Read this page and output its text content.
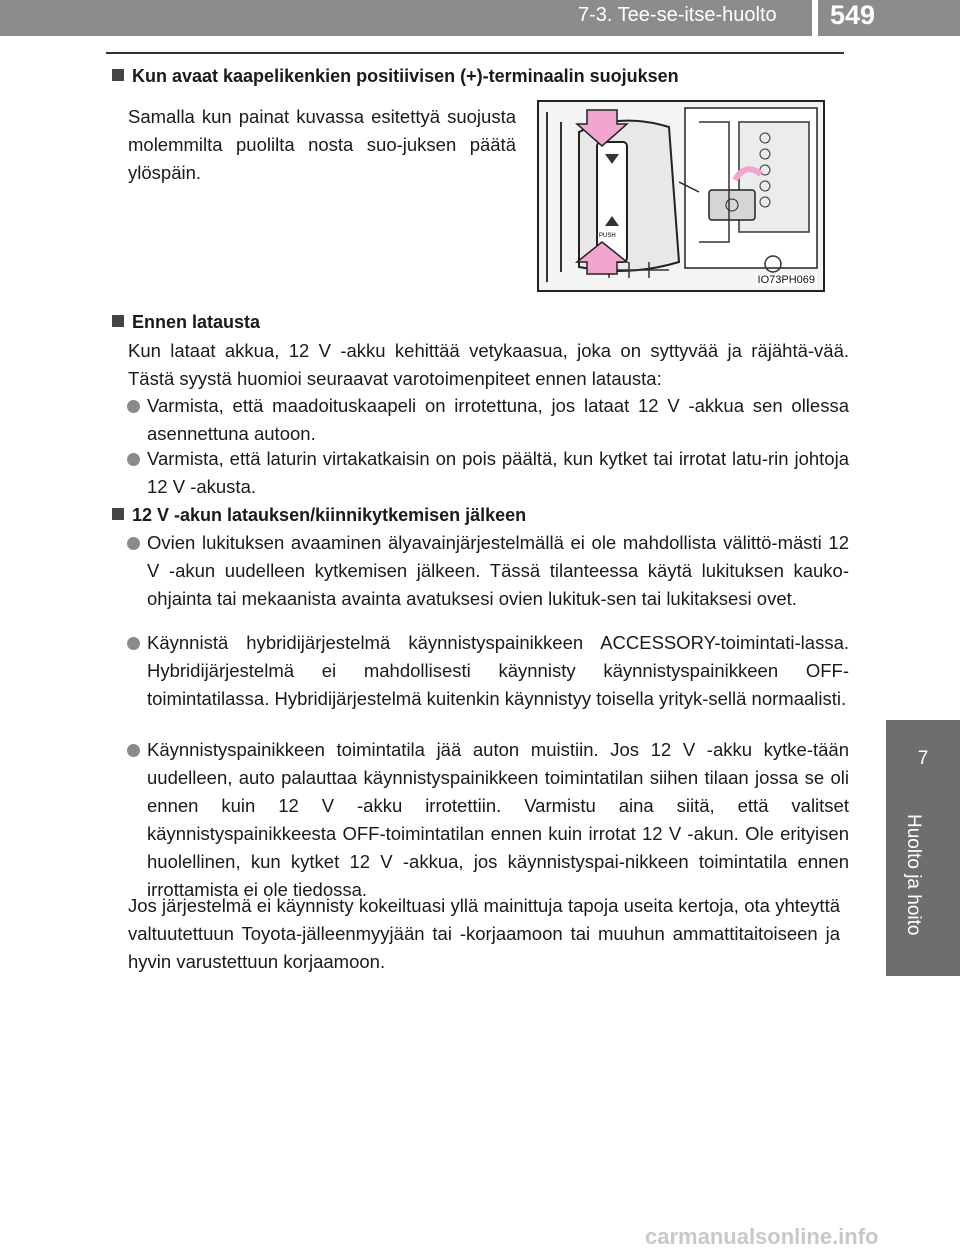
7-3. Tee-se-itse-huolto 549
7
Huolto ja hoito
Kun avaat kaapelikenkien positiivisen (+)-terminaalin suojuksen
Samalla kun painat kuvassa esitettyä suojusta molemmilta puolilta nosta suo-juksen päätä ylöspäin.
PUSH
IO73PH069
Ennen latausta
Kun lataat akkua, 12 V -akku kehittää vetykaasua, joka on syttyvää ja räjähtä-vää. Tästä syystä huomioi seuraavat varotoimenpiteet ennen latausta:
Varmista, että maadoituskaapeli on irrotettuna, jos lataat 12 V -akkua sen ollessa asennettuna autoon.
Varmista, että laturin virtakatkaisin on pois päältä, kun kytket tai irrotat latu-rin johtoja 12 V -akusta.
12 V -akun latauksen/kiinnikytkemisen jälkeen
Ovien lukituksen avaaminen älyavainjärjestelmällä ei ole mahdollista välittö-mästi 12 V -akun uudelleen kytkemisen jälkeen. Tässä tilanteessa käytä lukituksen kauko-ohjainta tai mekaanista avainta avatuksesi ovien lukituk-sen tai lukitaksesi ovet.
Käynnistä hybridijärjestelmä käynnistyspainikkeen ACCESSORY-toimintati-lassa. Hybridijärjestelmä ei mahdollisesti käynnisty käynnistyspainikkeen OFF-toimintatilassa. Hybridijärjestelmä kuitenkin käynnistyy toisella yrityk-sellä normaalisti.
Käynnistyspainikkeen toimintatila jää auton muistiin. Jos 12 V -akku kytke-tään uudelleen, auto palauttaa käynnistyspainikkeen toimintatilan siihen tilaan jossa se oli ennen kuin 12 V -akku irrotettiin. Varmistu aina siitä, että valitset käynnistyspainikkeesta OFF-toimintatilan ennen kuin irrotat 12 V -akun. Ole erityisen huolellinen, kun kytket 12 V -akkua, jos käynnistyspai-nikkeen toimintatila ennen irrottamista ei ole tiedossa.
Jos järjestelmä ei käynnisty kokeiltuasi yllä mainittuja tapoja useita kertoja, ota yhteyttä valtuutettuun Toyota-jälleenmyyjään tai -korjaamoon tai muuhun ammattitaitoiseen ja hyvin varustettuun korjaamoon.
carmanualsonline.info
